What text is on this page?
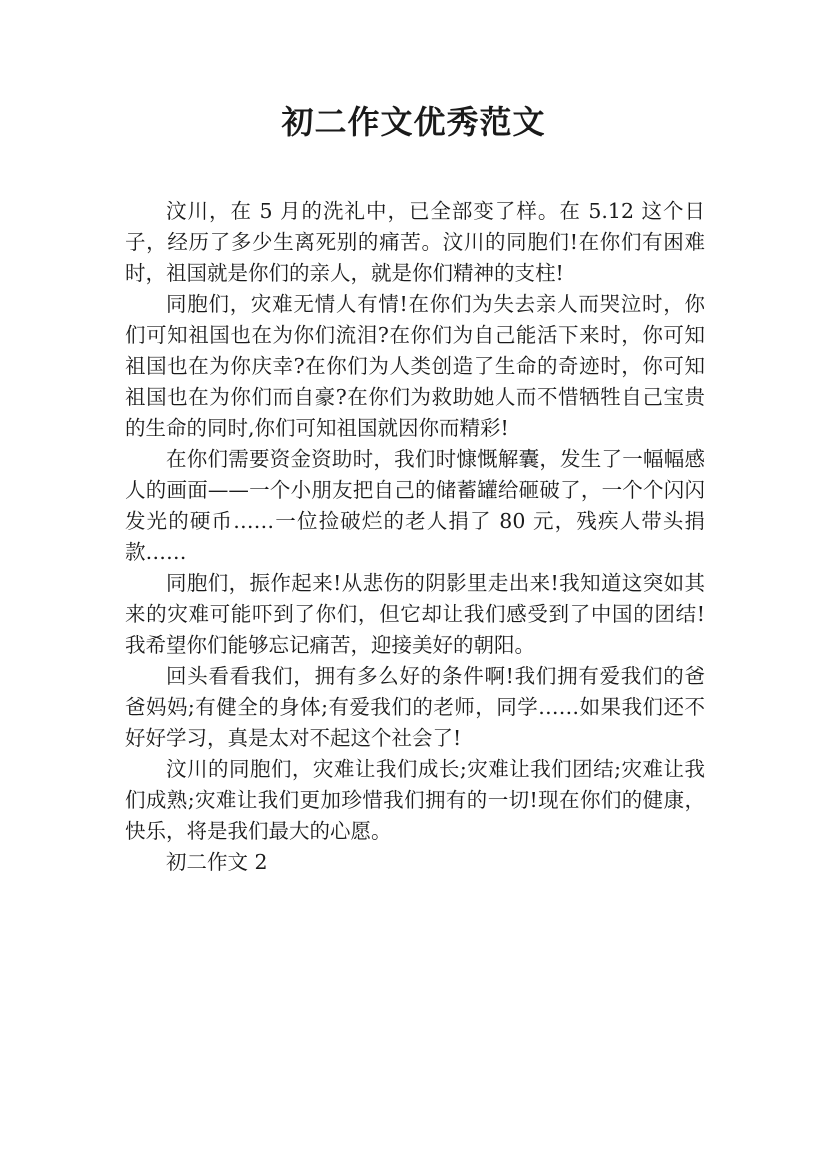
初二作文优秀范文

汶川，在 5 月的洗礼中，已全部变了样。在 5.12 这个日子，经历了多少生离死别的痛苦。汶川的同胞们!在你们有困难时，祖国就是你们的亲人，就是你们精神的支柱!

同胞们，灾难无情人有情!在你们为失去亲人而哭泣时，你们可知祖国也在为你们流泪?在你们为自己能活下来时，你可知祖国也在为你庆幸?在你们为人类创造了生命的奇迹时，你可知祖国也在为你们而自豪?在你们为救助她人而不惜牺牲自己宝贵的生命的同时,你们可知祖国就因你而精彩!

在你们需要资金资助时，我们时慷慨解囊，发生了一幅幅感人的画面——一个小朋友把自己的储蓄罐给砸破了，一个个闪闪发光的硬币……一位捡破烂的老人捐了 80 元，残疾人带头捐款……

同胞们，振作起来!从悲伤的阴影里走出来!我知道这突如其来的灾难可能吓到了你们，但它却让我们感受到了中国的团结!我希望你们能够忘记痛苦，迎接美好的朝阳。

回头看看我们，拥有多么好的条件啊!我们拥有爱我们的爸爸妈妈;有健全的身体;有爱我们的老师，同学……如果我们还不好好学习，真是太对不起这个社会了!

汶川的同胞们，灾难让我们成长;灾难让我们团结;灾难让我们成熟;灾难让我们更加珍惜我们拥有的一切!现在你们的健康，快乐，将是我们最大的心愿。

初二作文 2
